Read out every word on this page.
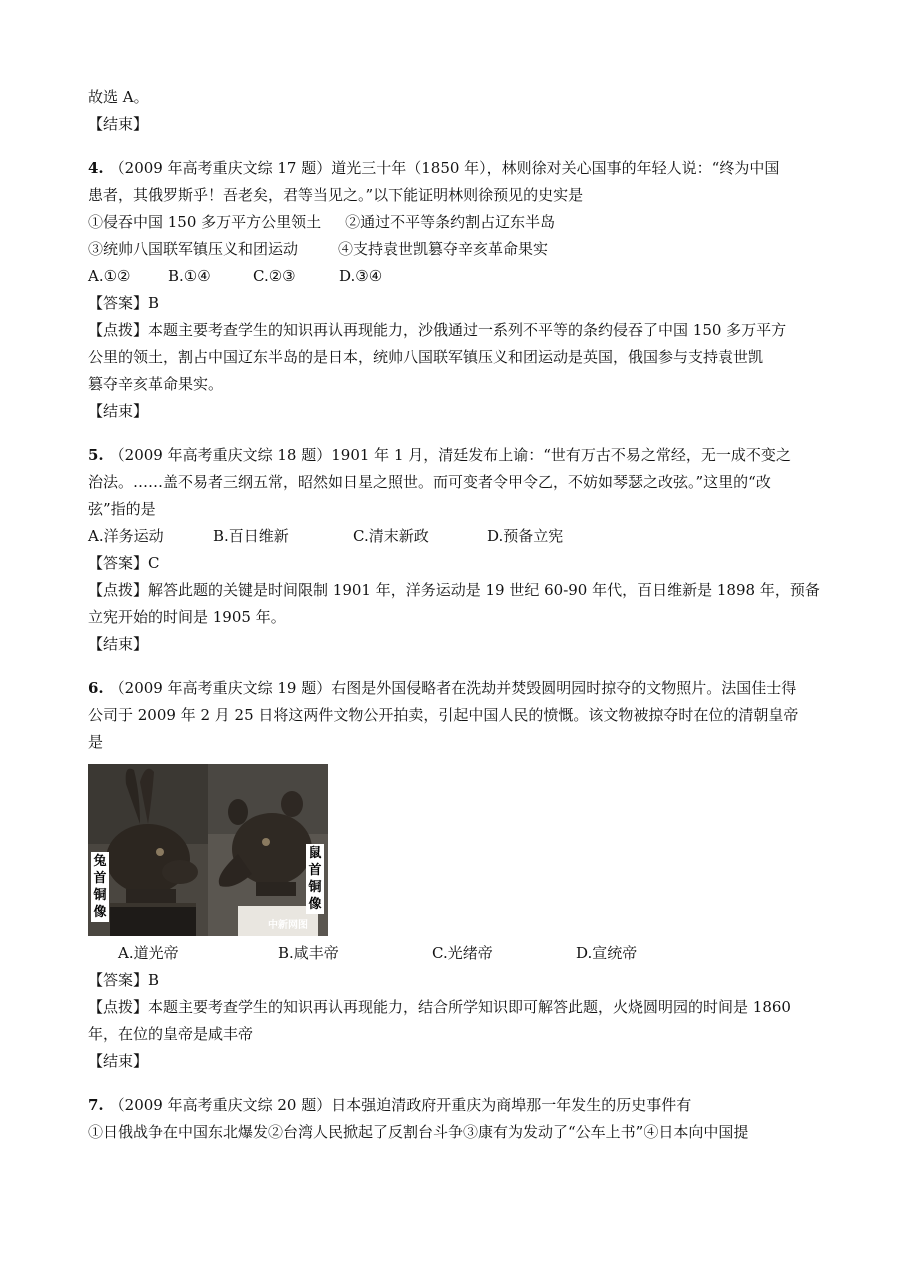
故选 A。
【结束】
4. （2009 年高考重庆文综 17 题）道光三十年（1850 年），林则徐对关心国事的年轻人说：“终为中国
患者，其俄罗斯乎！吾老矣，君等当见之。”以下能证明林则徐预见的史实是
①侵吞中国 150 多万平方公里领土 ②通过不平等条约割占辽东半岛
③统帅八国联军镇压义和团运动	④支持袁世凯篡夺辛亥革命果实
A.①②	B.①④	C.②③	D.③④
【答案】B
【点拨】本题主要考查学生的知识再认再现能力，沙俄通过一系列不平等的条约侵吞了中国 150 多万平方
公里的领土，割占中国辽东半岛的是日本，统帅八国联军镇压义和团运动是英国，俄国参与支持袁世凯
篡夺辛亥革命果实。
【结束】
5. （2009 年高考重庆文综 18 题）1901 年 1 月，清廷发布上谕：“世有万古不易之常经，无一成不变之
治法。……盖不易者三纲五常，昭然如日星之照世。而可变者令甲令乙，不妨如琴瑟之改弦。”这里的“改
弦”指的是
A.洋务运动	B.百日维新	C.清末新政	D.预备立宪
【答案】C
【点拨】解答此题的关键是时间限制 1901 年，洋务运动是 19 世纪 60-90 年代，百日维新是 1898 年，预备
立宪开始的时间是 1905 年。
【结束】
6. （2009 年高考重庆文综 19 题）右图是外国侵略者在洗劫并焚毁圆明园时掠夺的文物照片。法国佳士得
公司于 2009 年 2 月 25 日将这两件文物公开拍卖，引起中国人民的愤慨。该文物被掠夺时在位的清朝皇帝
是
兔
首
铜
像
鼠
首
铜
像
中新网图
A.道光帝	B.咸丰帝	C.光绪帝	D.宣统帝
【答案】B
【点拨】本题主要考查学生的知识再认再现能力，结合所学知识即可解答此题，火烧圆明园的时间是 1860
年，在位的皇帝是咸丰帝
【结束】
7. （2009 年高考重庆文综 20 题）日本强迫清政府开重庆为商埠那一年发生的历史事件有
①日俄战争在中国东北爆发②台湾人民掀起了反割台斗争③康有为发动了“公车上书”④日本向中国提
